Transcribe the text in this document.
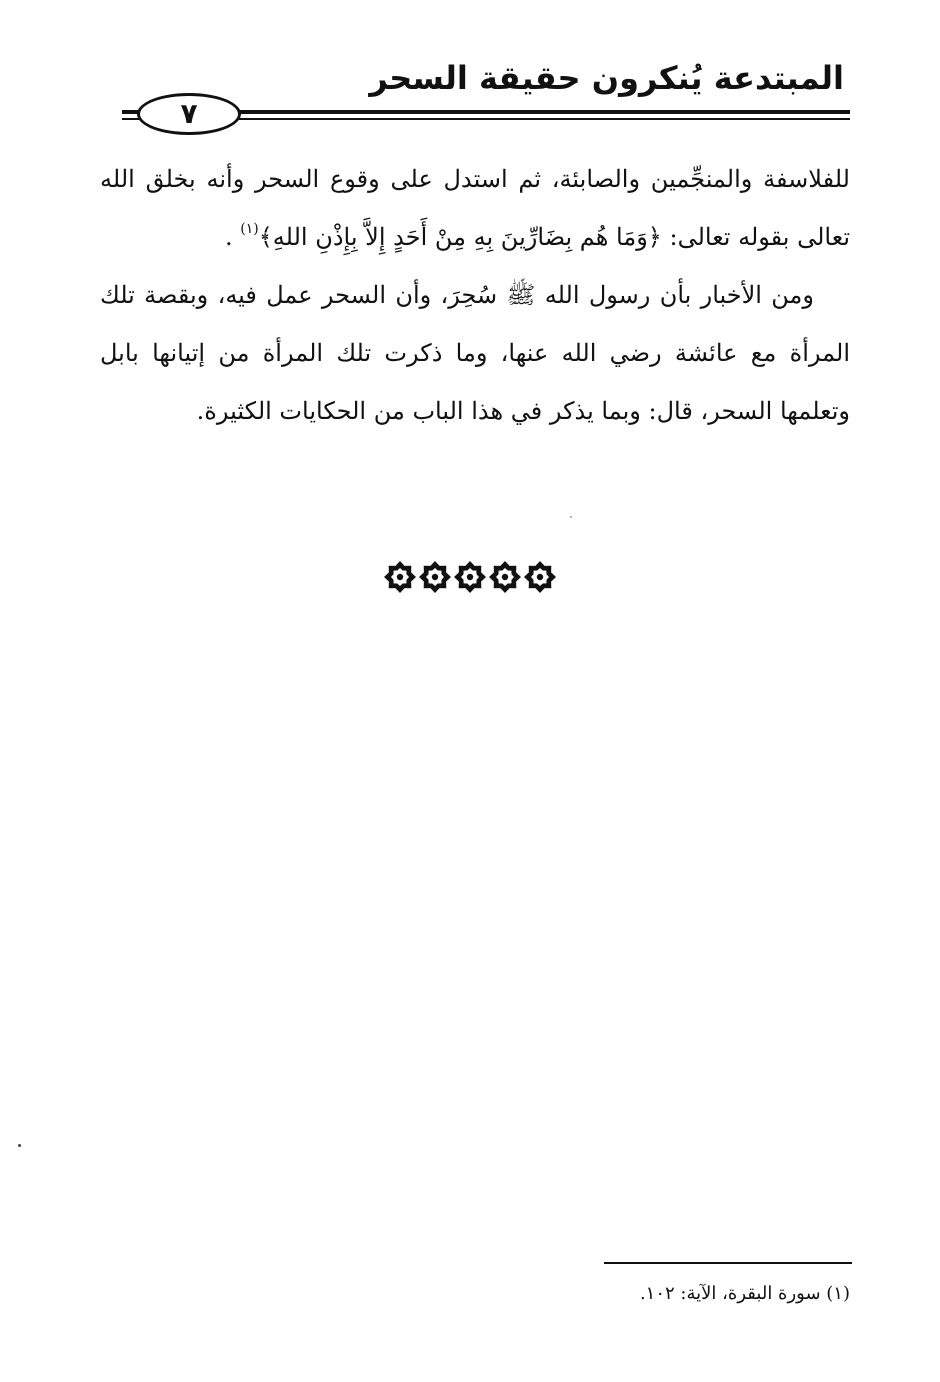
المبتدعة يُنكرون حقيقة السحر
٧

للفلاسفة والمنجِّمين والصابئة، ثم استدل على وقوع السحر وأنه بخلق الله تعالى بقوله تعالى: ﴿وَمَا هُم بِضَارِّينَ بِهِ مِنْ أَحَدٍ إِلاَّ بِإِذْنِ اللهِ﴾$^{(١)}$ .

ومن الأخبار بأن رسول الله ﷺ سُحِرَ، وأن السحر عمل فيه، وبقصة تلك المرأة مع عائشة رضي الله عنها، وما ذكرت تلك المرأة من إتيانها بابل وتعلمها السحر، قال: وبما يذكر في هذا الباب من الحكايات الكثيرة.

(١) سورة البقرة، الآية: ١٠٢.
